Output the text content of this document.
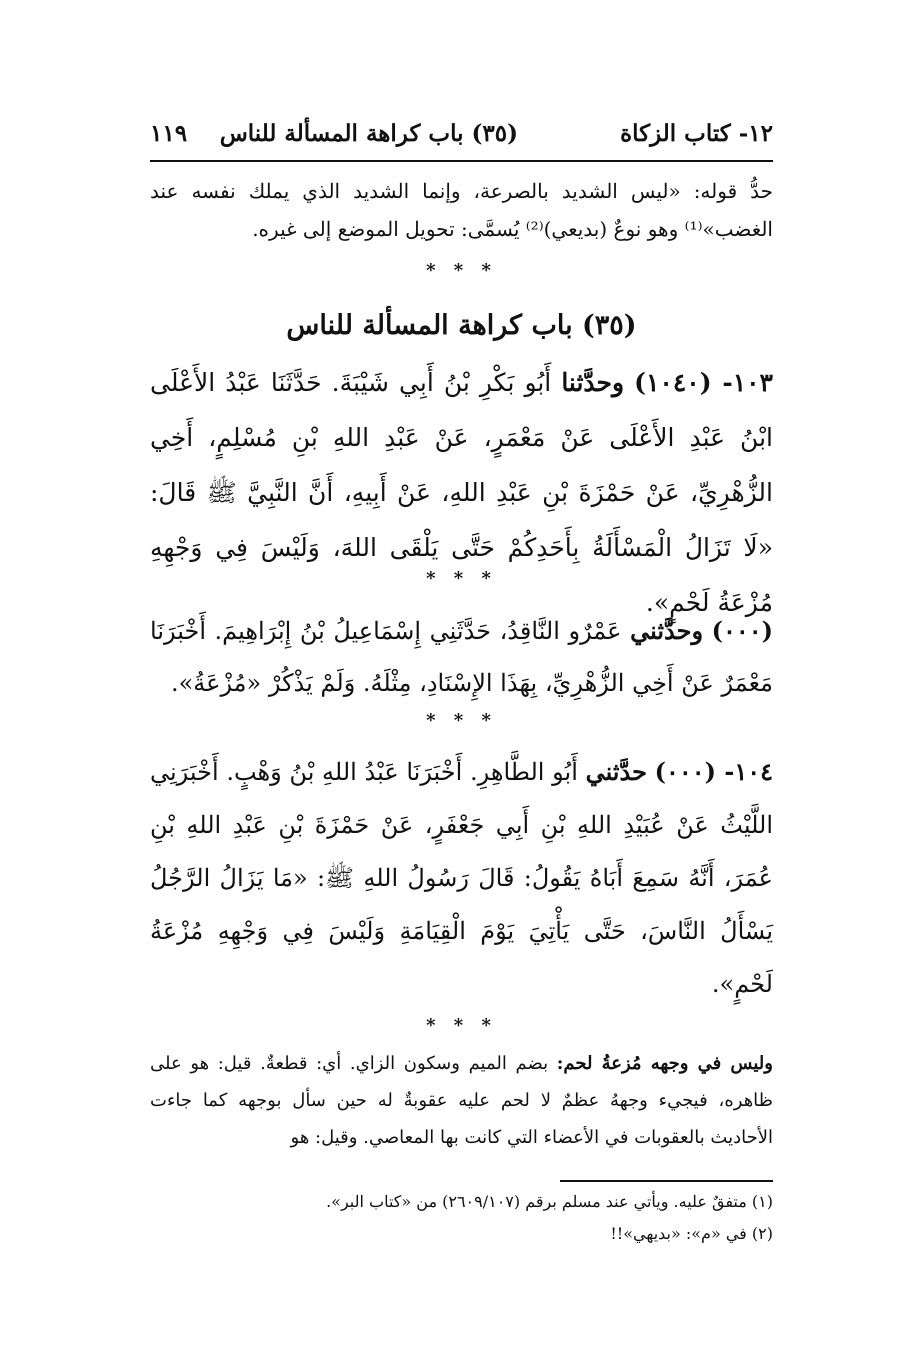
١٢- كتاب الزكاة
(٣٥) باب كراهة المسألة للناس
١١٩
حدُّ قوله: «ليس الشديد بالصرعة، وإنما الشديد الذي يملك نفسه عند الغضب»⁽¹⁾ وهو نوعٌ (بديعي)⁽²⁾ يُسمَّى: تحويل الموضع إلى غيره.
* * *
(٣٥) باب كراهة المسألة للناس
١٠٣- (١٠٤٠) وحدَّثنا أَبُو بَكْرِ بْنُ أَبِي شَيْبَةَ. حَدَّثَنَا عَبْدُ الأَعْلَى ابْنُ عَبْدِ الأَعْلَى عَنْ مَعْمَرٍ، عَنْ عَبْدِ اللهِ بْنِ مُسْلِمٍ، أَخِي الزُّهْرِيِّ، عَنْ حَمْزَةَ بْنِ عَبْدِ اللهِ، عَنْ أَبِيهِ، أَنَّ النَّبِيَّ ﷺ قَالَ: «لَا تَزَالُ الْمَسْأَلَةُ بِأَحَدِكُمْ حَتَّى يَلْقَى اللهَ، وَلَيْسَ فِي وَجْهِهِ مُزْعَةُ لَحْمٍ».
* * *
(٠٠٠) وحدَّثني عَمْرٌو النَّاقِدُ، حَدَّثَنِي إِسْمَاعِيلُ بْنُ إِبْرَاهِيمَ. أَخْبَرَنَا مَعْمَرٌ عَنْ أَخِي الزُّهْرِيِّ، بِهَذَا الإِسْنَادِ، مِثْلَهُ. وَلَمْ يَذْكُرْ «مُزْعَةُ».
* * *
١٠٤- (٠٠٠) حدَّثني أَبُو الطَّاهِرِ. أَخْبَرَنَا عَبْدُ اللهِ بْنُ وَهْبٍ. أَخْبَرَنِي اللَّيْثُ عَنْ عُبَيْدِ اللهِ بْنِ أَبِي جَعْفَرٍ، عَنْ حَمْزَةَ بْنِ عَبْدِ اللهِ بْنِ عُمَرَ، أَنَّهُ سَمِعَ أَبَاهُ يَقُولُ: قَالَ رَسُولُ اللهِ ﷺ: «مَا يَزَالُ الرَّجُلُ يَسْأَلُ النَّاسَ، حَتَّى يَأْتِيَ يَوْمَ الْقِيَامَةِ وَلَيْسَ فِي وَجْهِهِ مُزْعَةُ لَحْمٍ».
* * *
وليس في وجهه مُزعةُ لحم: بضم الميم وسكون الزاي. أي: قطعةٌ. قيل: هو على ظاهره، فيجيء وجههُ عظمٌ لا لحم عليه عقوبةٌ له حين سأل بوجهه كما جاءت الأحاديث بالعقوبات في الأعضاء التي كانت بها المعاصي. وقيل: هو
(١) متفقٌ عليه. ويأتي عند مسلم برقم (٢٦٠٩/١٠٧) من «كتاب البر».
(٢) في «م»: «بديهي»!!
